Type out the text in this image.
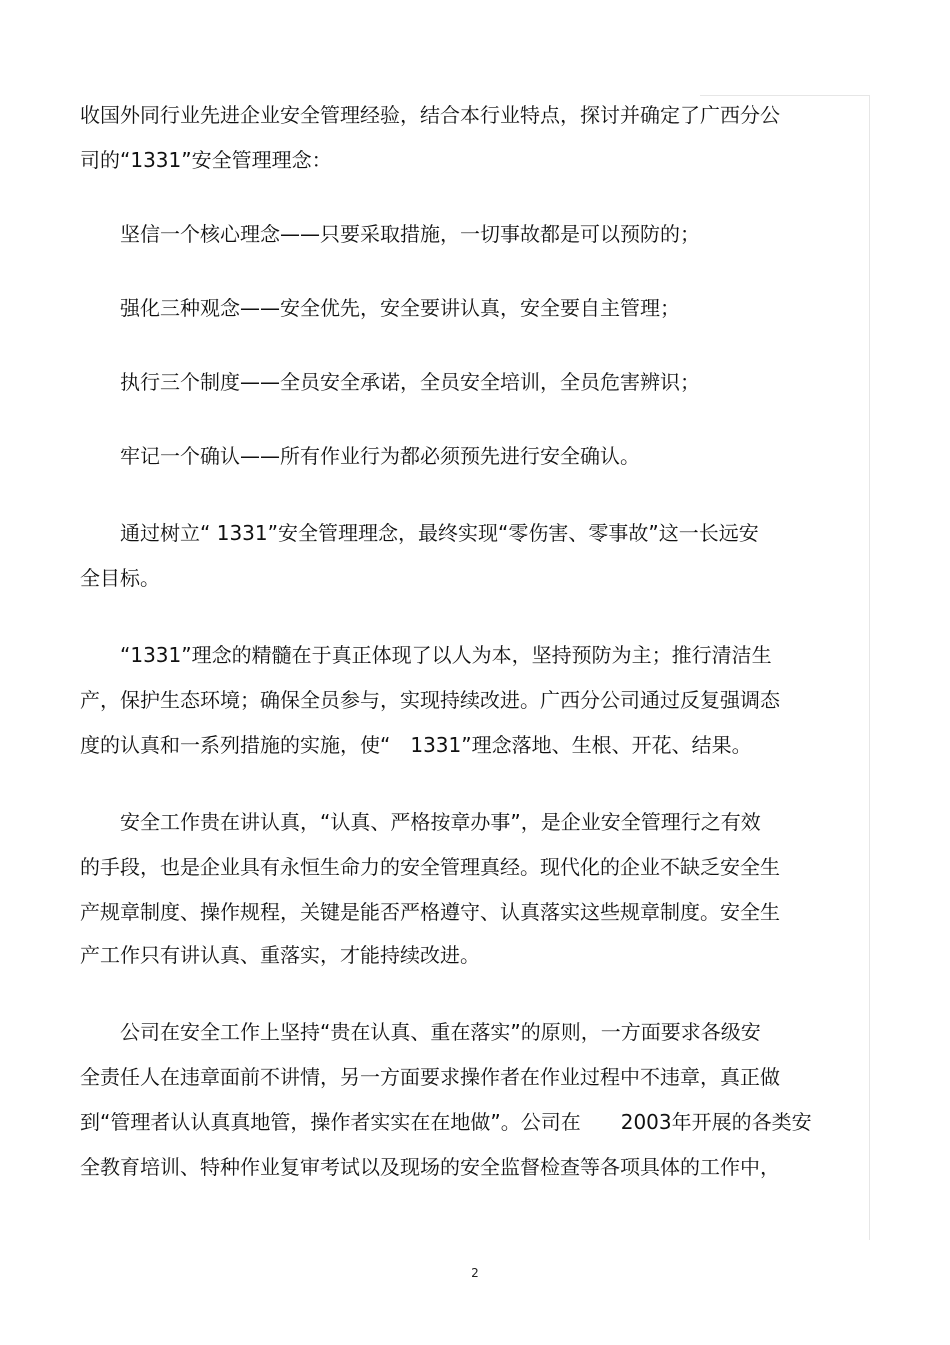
收国外同行业先进企业安全管理经验，结合本行业特点，探讨并确定了广西分公
司的“1331”安全管理理念：
坚信一个核心理念——只要采取措施，一切事故都是可以预防的；
强化三种观念——安全优先，安全要讲认真，安全要自主管理；
执行三个制度——全员安全承诺，全员安全培训，全员危害辨识；
牢记一个确认——所有作业行为都必须预先进行安全确认。
通过树立“ 1331”安全管理理念，最终实现“零伤害、零事故”这一长远安
全目标。
“1331”理念的精髓在于真正体现了以人为本，坚持预防为主；推行清洁生
产，保护生态环境；确保全员参与，实现持续改进。广西分公司通过反复强调态
度的认真和一系列措施的实施，使“　1331”理念落地、生根、开花、结果。
安全工作贵在讲认真，“认真、严格按章办事”，是企业安全管理行之有效
的手段，也是企业具有永恒生命力的安全管理真经。现代化的企业不缺乏安全生
产规章制度、操作规程，关键是能否严格遵守、认真落实这些规章制度。安全生
产工作只有讲认真、重落实，才能持续改进。
公司在安全工作上坚持“贵在认真、重在落实”的原则，一方面要求各级安
全责任人在违章面前不讲情，另一方面要求操作者在作业过程中不违章，真正做
到“管理者认认真真地管，操作者实实在在地做”。公司在　　2003年开展的各类安
全教育培训、特种作业复审考试以及现场的安全监督检查等各项具体的工作中，
2
